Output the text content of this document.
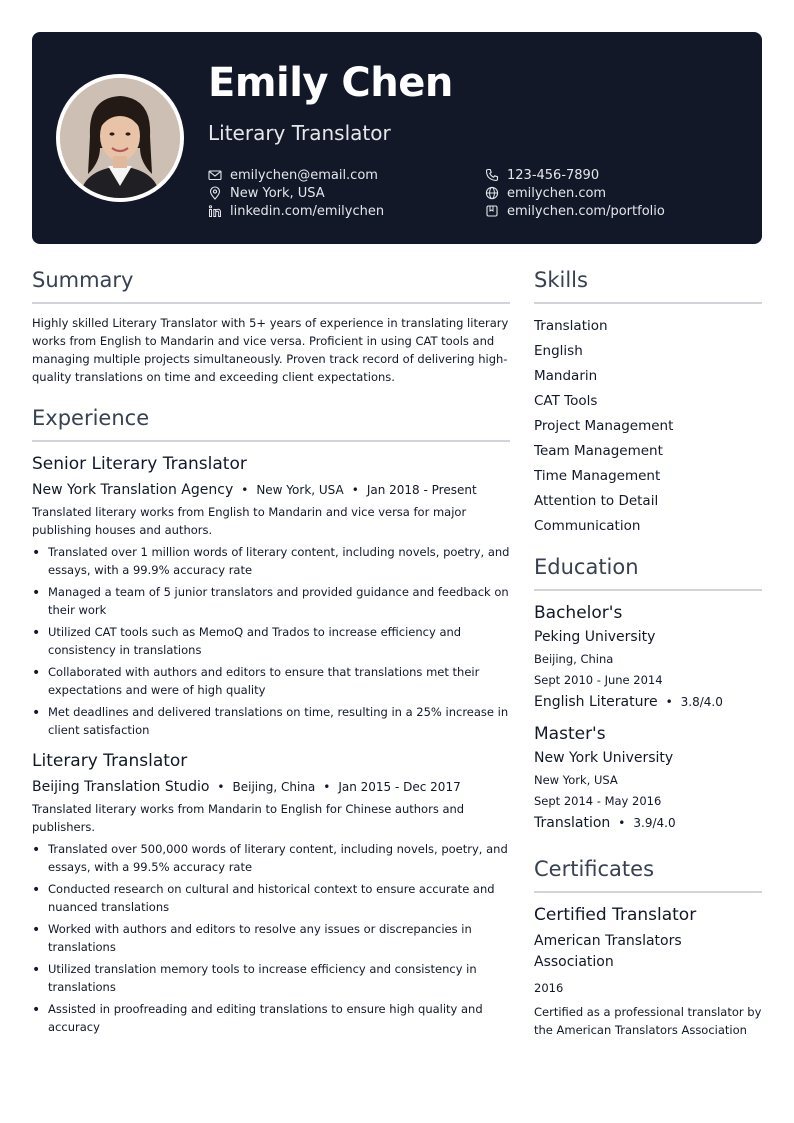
Emily Chen
Literary Translator
emilychen@email.com	123-456-7890
New York, USA	emilychen.com
linkedin.com/emilychen	emilychen.com/portfolio
Summary
Highly skilled Literary Translator with 5+ years of experience in translating literary works from English to Mandarin and vice versa. Proficient in using CAT tools and managing multiple projects simultaneously. Proven track record of delivering high-quality translations on time and exceeding client expectations.
Experience
Senior Literary Translator
New York Translation Agency • New York, USA • Jan 2018 - Present
Translated literary works from English to Mandarin and vice versa for major publishing houses and authors.
• Translated over 1 million words of literary content, including novels, poetry, and essays, with a 99.9% accuracy rate
• Managed a team of 5 junior translators and provided guidance and feedback on their work
• Utilized CAT tools such as MemoQ and Trados to increase efficiency and consistency in translations
• Collaborated with authors and editors to ensure that translations met their expectations and were of high quality
• Met deadlines and delivered translations on time, resulting in a 25% increase in client satisfaction
Literary Translator
Beijing Translation Studio • Beijing, China • Jan 2015 - Dec 2017
Translated literary works from Mandarin to English for Chinese authors and publishers.
• Translated over 500,000 words of literary content, including novels, poetry, and essays, with a 99.5% accuracy rate
• Conducted research on cultural and historical context to ensure accurate and nuanced translations
• Worked with authors and editors to resolve any issues or discrepancies in translations
• Utilized translation memory tools to increase efficiency and consistency in translations
• Assisted in proofreading and editing translations to ensure high quality and accuracy
Skills
Translation
English
Mandarin
CAT Tools
Project Management
Team Management
Time Management
Attention to Detail
Communication
Education
Bachelor's
Peking University
Beijing, China
Sept 2010 - June 2014
English Literature • 3.8/4.0
Master's
New York University
New York, USA
Sept 2014 - May 2016
Translation • 3.9/4.0
Certificates
Certified Translator
American Translators Association
2016
Certified as a professional translator by the American Translators Association
